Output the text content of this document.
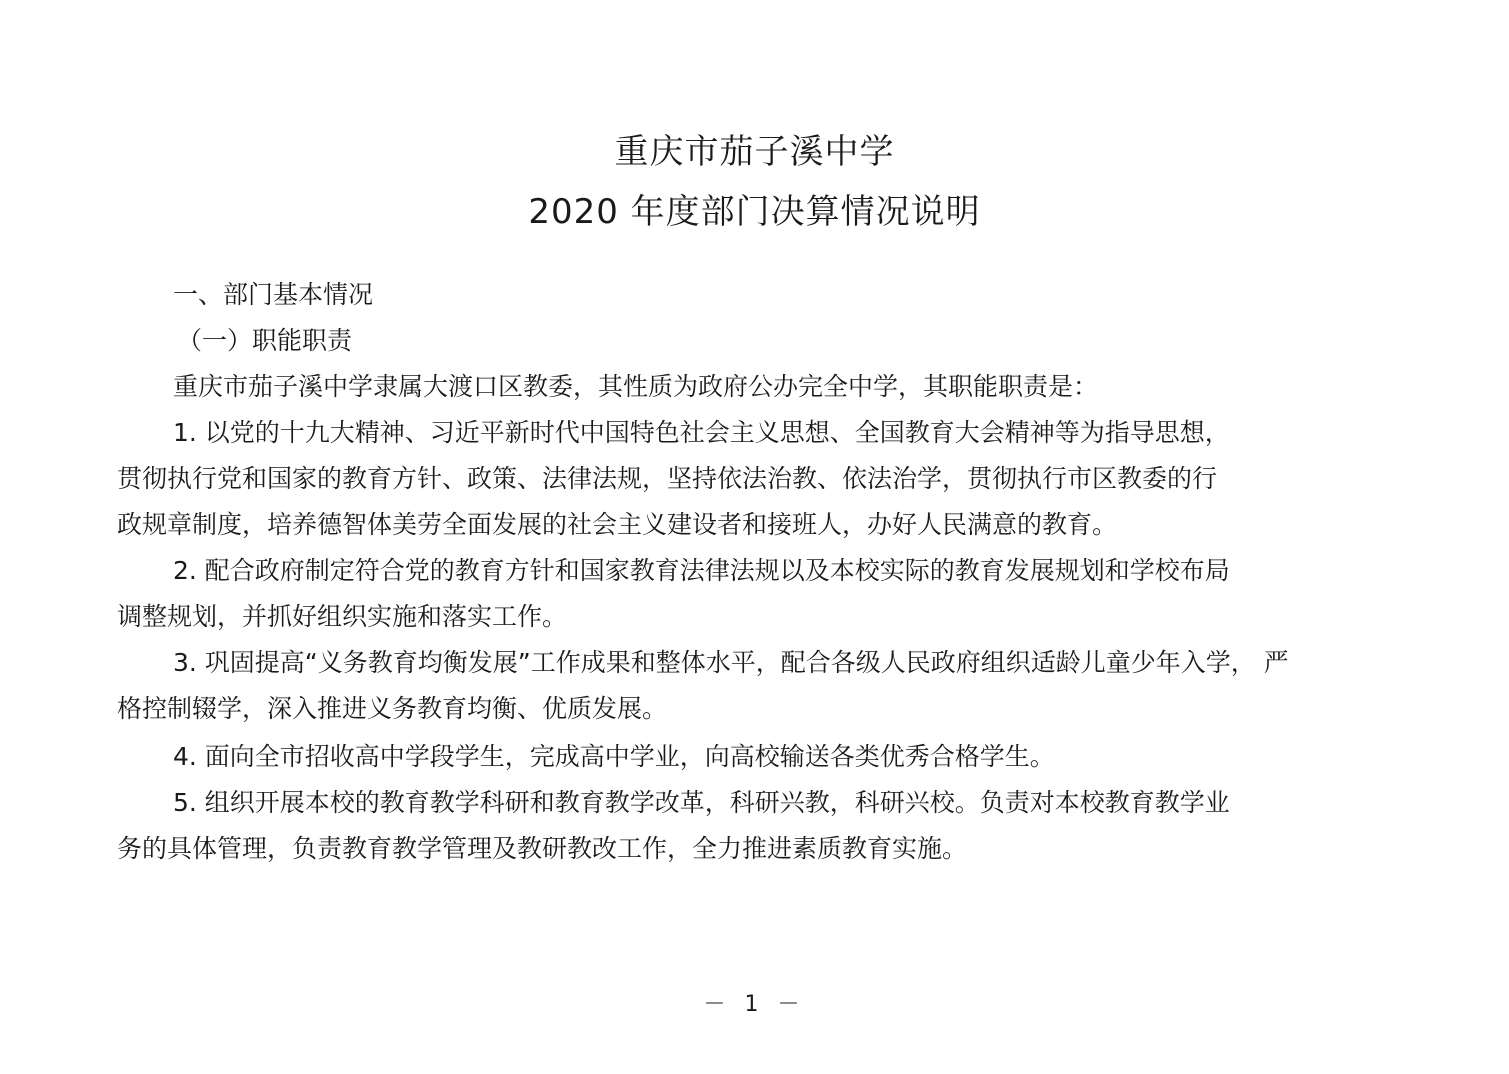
重庆市茄子溪中学
2020 年度部门决算情况说明
一、部门基本情况
（一）职能职责
重庆市茄子溪中学隶属大渡口区教委，其性质为政府公办完全中学，其职能职责是：
1. 以党的十九大精神、习近平新时代中国特色社会主义思想、全国教育大会精神等为指导思想，
贯彻执行党和国家的教育方针、政策、法律法规，坚持依法治教、依法治学，贯彻执行市区教委的行
政规章制度，培养德智体美劳全面发展的社会主义建设者和接班人，办好人民满意的教育。
2. 配合政府制定符合党的教育方针和国家教育法律法规以及本校实际的教育发展规划和学校布局
调整规划，并抓好组织实施和落实工作。
3. 巩固提高“义务教育均衡发展”工作成果和整体水平，配合各级人民政府组织适龄儿童少年入学， 严
格控制辍学，深入推进义务教育均衡、优质发展。
4. 面向全市招收高中学段学生，完成高中学业，向高校输送各类优秀合格学生。
5. 组织开展本校的教育教学科研和教育教学改革，科研兴教，科研兴校。负责对本校教育教学业
务的具体管理，负责教育教学管理及教研教改工作，全力推进素质教育实施。
－ 1 －
